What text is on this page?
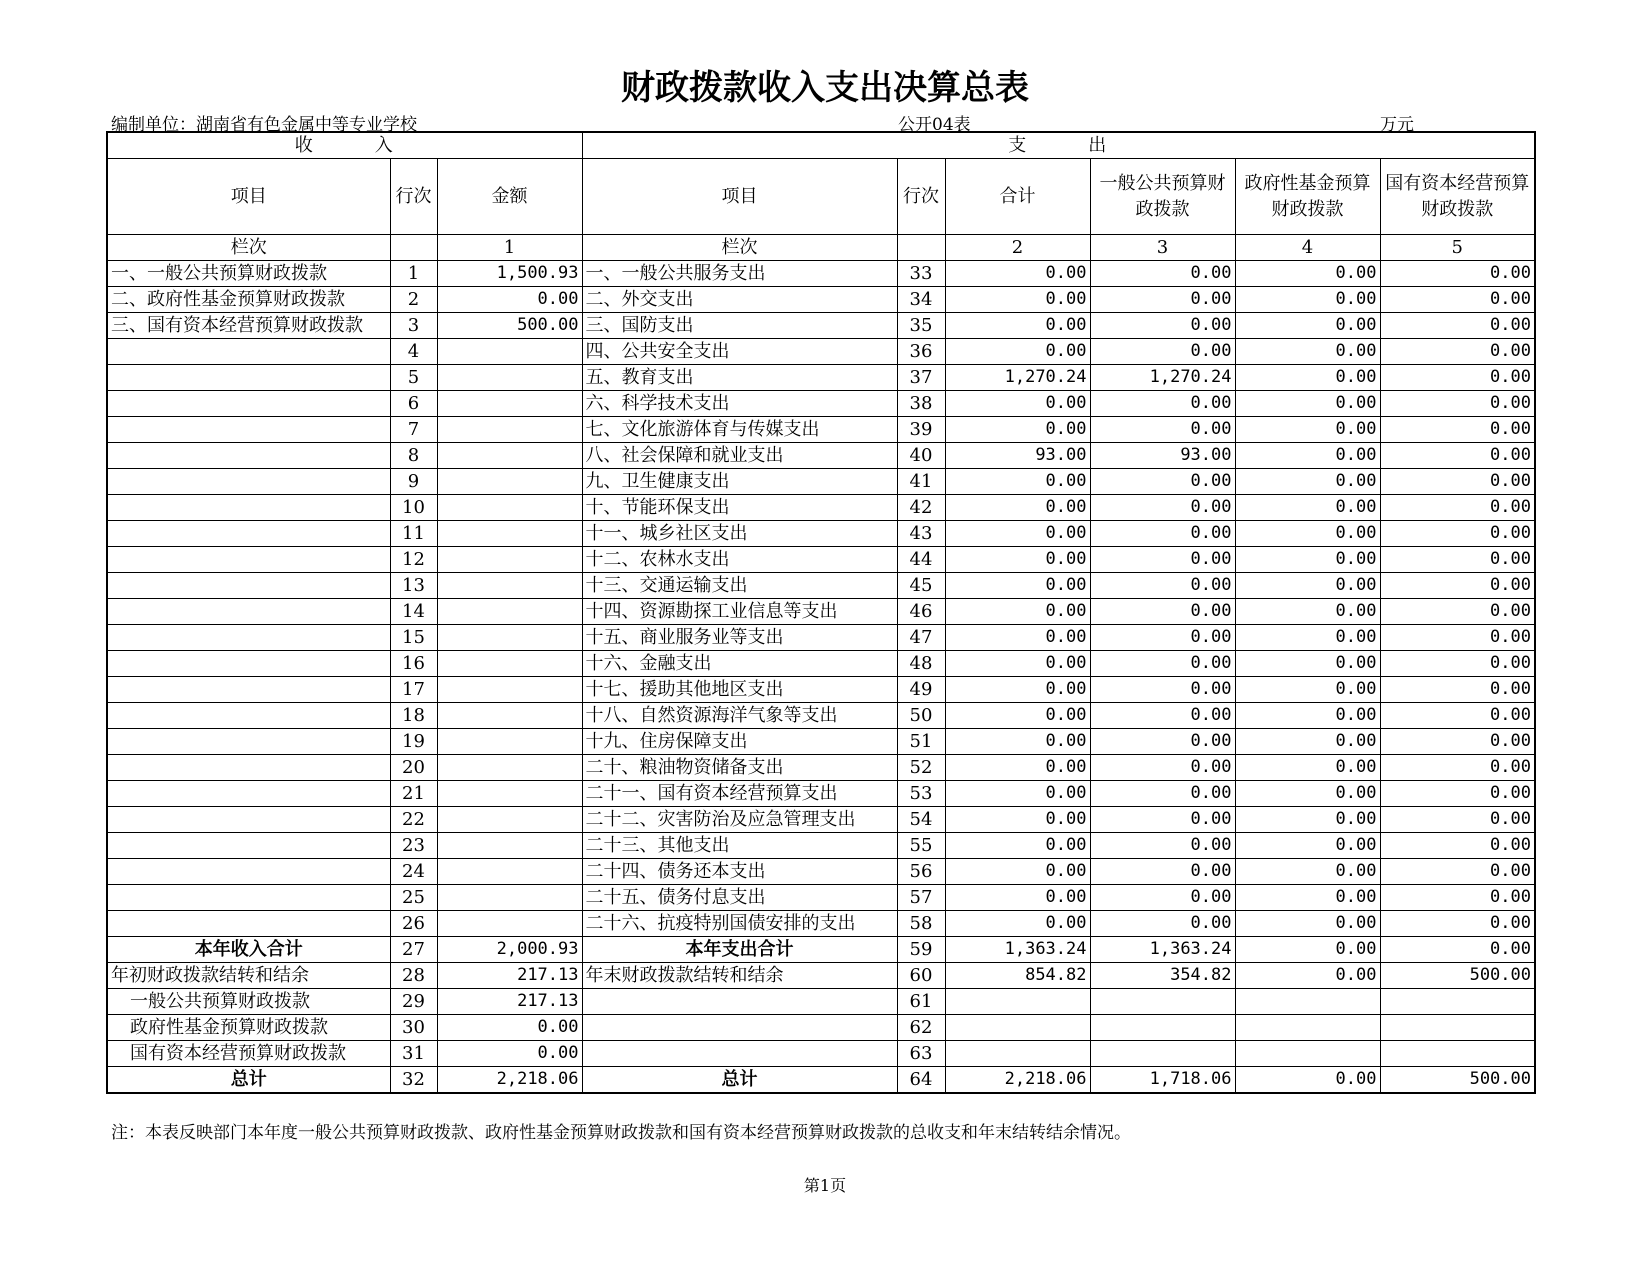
财政拨款收入支出决算总表
编制单位：湖南省有色金属中等专业学校	公开04表	万元
收　　　入			支　　　出					
项目	行次	金额	项目	行次	合计	一般公共预算财政拨款	政府性基金预算财政拨款	国有资本经营预算财政拨款
栏次		1	栏次		2	3	4	5
一、一般公共预算财政拨款	1	1,500.93	一、一般公共服务支出	33	0.00	0.00	0.00	0.00
二、政府性基金预算财政拨款	2	0.00	二、外交支出	34	0.00	0.00	0.00	0.00
三、国有资本经营预算财政拨款	3	500.00	三、国防支出	35	0.00	0.00	0.00	0.00
	4		四、公共安全支出	36	0.00	0.00	0.00	0.00
	5		五、教育支出	37	1,270.24	1,270.24	0.00	0.00
	6		六、科学技术支出	38	0.00	0.00	0.00	0.00
	7		七、文化旅游体育与传媒支出	39	0.00	0.00	0.00	0.00
	8		八、社会保障和就业支出	40	93.00	93.00	0.00	0.00
	9		九、卫生健康支出	41	0.00	0.00	0.00	0.00
	10		十、节能环保支出	42	0.00	0.00	0.00	0.00
	11		十一、城乡社区支出	43	0.00	0.00	0.00	0.00
	12		十二、农林水支出	44	0.00	0.00	0.00	0.00
	13		十三、交通运输支出	45	0.00	0.00	0.00	0.00
	14		十四、资源勘探工业信息等支出	46	0.00	0.00	0.00	0.00
	15		十五、商业服务业等支出	47	0.00	0.00	0.00	0.00
	16		十六、金融支出	48	0.00	0.00	0.00	0.00
	17		十七、援助其他地区支出	49	0.00	0.00	0.00	0.00
	18		十八、自然资源海洋气象等支出	50	0.00	0.00	0.00	0.00
	19		十九、住房保障支出	51	0.00	0.00	0.00	0.00
	20		二十、粮油物资储备支出	52	0.00	0.00	0.00	0.00
	21		二十一、国有资本经营预算支出	53	0.00	0.00	0.00	0.00
	22		二十二、灾害防治及应急管理支出	54	0.00	0.00	0.00	0.00
	23		二十三、其他支出	55	0.00	0.00	0.00	0.00
	24		二十四、债务还本支出	56	0.00	0.00	0.00	0.00
	25		二十五、债务付息支出	57	0.00	0.00	0.00	0.00
	26		二十六、抗疫特别国债安排的支出	58	0.00	0.00	0.00	0.00
本年收入合计	27	2,000.93	本年支出合计	59	1,363.24	1,363.24	0.00	0.00
年初财政拨款结转和结余	28	217.13	年末财政拨款结转和结余	60	854.82	354.82	0.00	500.00
一般公共预算财政拨款	29	217.13		61				
政府性基金预算财政拨款	30	0.00		62				
国有资本经营预算财政拨款	31	0.00		63				
总计	32	2,218.06	总计	64	2,218.06	1,718.06	0.00	500.00
注：本表反映部门本年度一般公共预算财政拨款、政府性基金预算财政拨款和国有资本经营预算财政拨款的总收支和年末结转结余情况。
第1页
